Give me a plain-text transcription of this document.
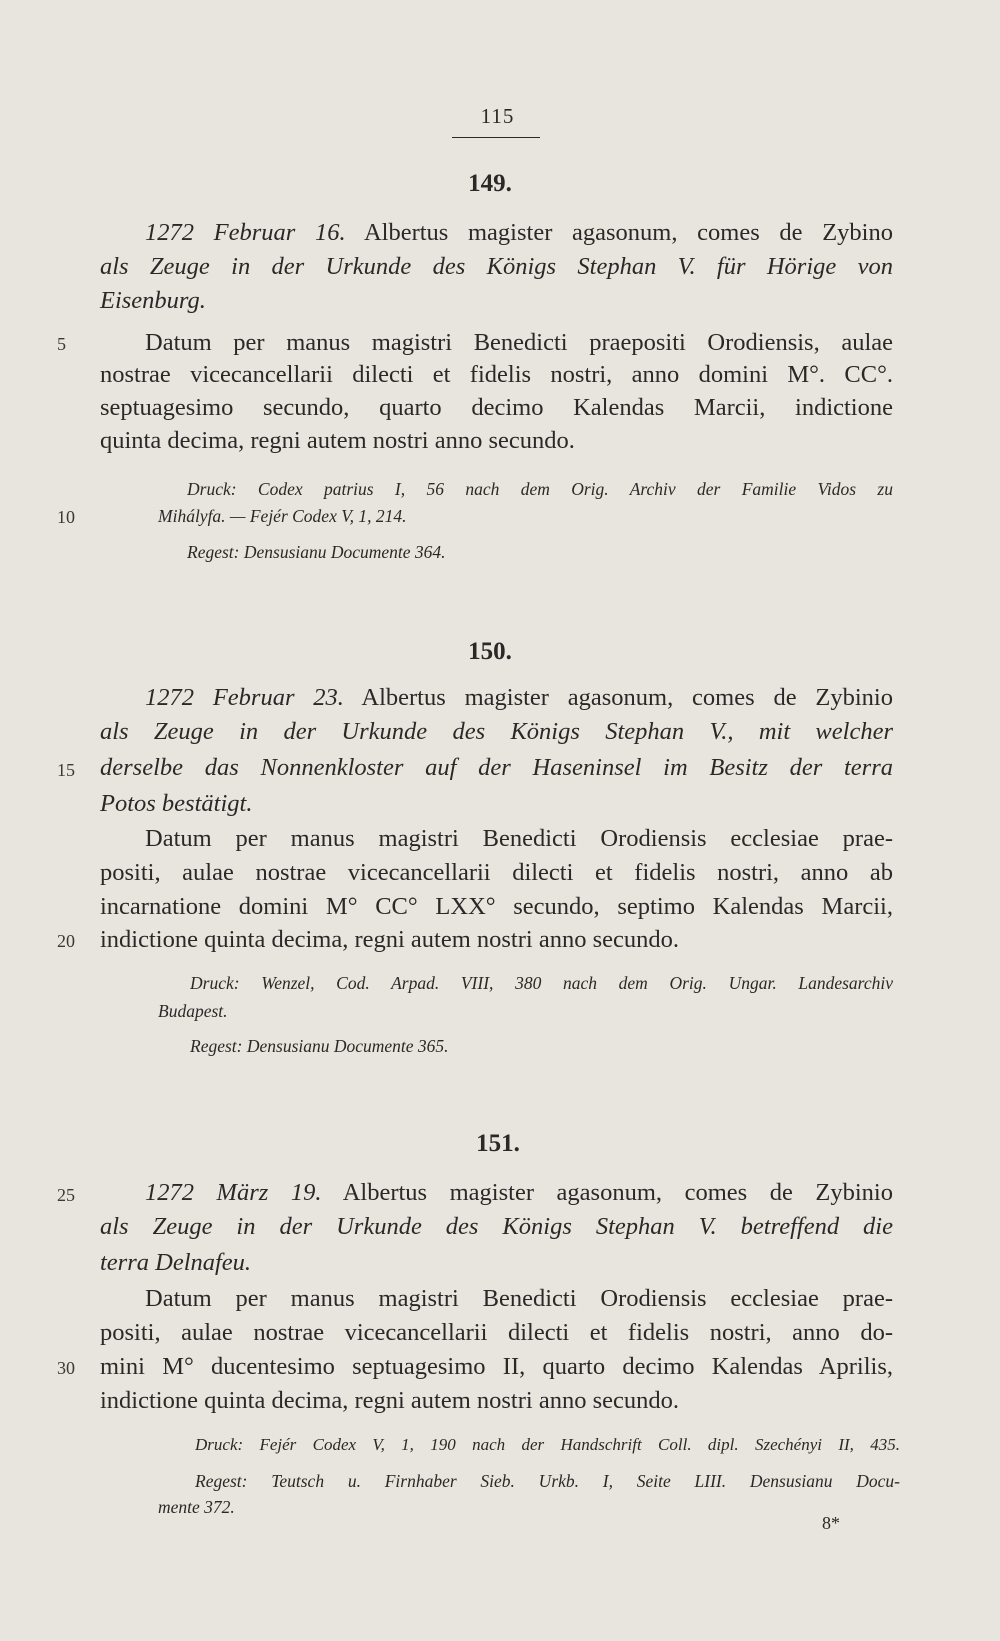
115
149.
1272 Februar 16. Albertus magister agasonum, comes de Zybino
als Zeuge in der Urkunde des Königs Stephan V. für Hörige von
Eisenburg.
Datum per manus magistri Benedicti praepositi Orodiensis, aulae
nostrae vicecancellarii dilecti et fidelis nostri, anno domini M°. CC°.
septuagesimo secundo, quarto decimo Kalendas Marcii, indictione
quinta decima, regni autem nostri anno secundo.
Druck: Codex patrius I, 56 nach dem Orig. Archiv der Familie Vidos zu
Mihályfa. — Fejér Codex V, 1, 214.
Regest: Densusianu Documente 364.
150.
1272 Februar 23. Albertus magister agasonum, comes de Zybinio
als Zeuge in der Urkunde des Königs Stephan V., mit welcher
derselbe das Nonnenkloster auf der Haseninsel im Besitz der terra
Potos bestätigt.
Datum per manus magistri Benedicti Orodiensis ecclesiae prae-
positi, aulae nostrae vicecancellarii dilecti et fidelis nostri, anno ab
incarnatione domini M° CC° LXX° secundo, septimo Kalendas Marcii,
indictione quinta decima, regni autem nostri anno secundo.
Druck: Wenzel, Cod. Arpad. VIII, 380 nach dem Orig. Ungar. Landesarchiv
Budapest.
Regest: Densusianu Documente 365.
151.
1272 März 19. Albertus magister agasonum, comes de Zybinio
als Zeuge in der Urkunde des Königs Stephan V. betreffend die
terra Delnafeu.
Datum per manus magistri Benedicti Orodiensis ecclesiae prae-
positi, aulae nostrae vicecancellarii dilecti et fidelis nostri, anno do-
mini M° ducentesimo septuagesimo II, quarto decimo Kalendas Aprilis,
indictione quinta decima, regni autem nostri anno secundo.
Druck: Fejér Codex V, 1, 190 nach der Handschrift Coll. dipl. Szechényi II, 435.
Regest: Teutsch u. Firnhaber Sieb. Urkb. I, Seite LIII. Densusianu Docu-
mente 372.
5
10
15
20
25
30
8*
